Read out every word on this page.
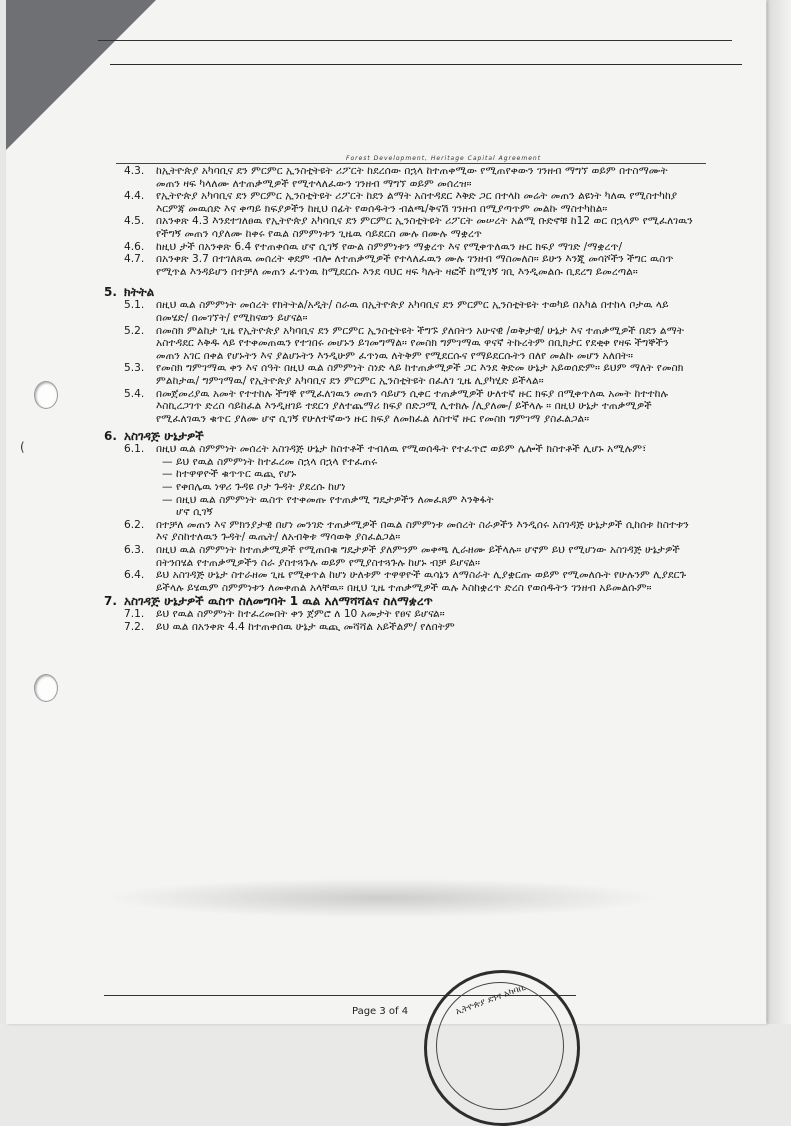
Forest Development, Heritage Capital Agreement
(
4.3. ከኢትዮጵያ አካባቢና ደን ምርምር ኢንስቲትዩት ሪፖርት ከደረሰው በኋላ ከተጠቀሚው የሚጠየቀውን ገንዘብ ማግኘ ወይም በተስማሙት መጠን ዛፍ ካላለሙ ለተጠቃሚዎች የሚተላለፈውን ገንዘብ ማግኘ ወይም መሰረዝ።
4.4. የኢትዮጵያ አካባቢና ደን ምርምር ኢንስቲትዩት ሪፖርት ከደን ልማት አስተዳደር እቅድ ጋር በተላከ መሬት መጠን ልዩነት ካለዉ የሚስተካከያ እርምጃ መዉሰድ እና ቀጣይ ክፍያዎችን ከዚህ በፊት የወሰዱትን ብልጫ/ቅናሽ ገንዘብ በሚያጣጥም መልኩ ማስተካከል።
4.5. በአንቀጽ 4.3 እንደተገለፀዉ የኢትዮጵያ አካባቢና ደን ምርምር ኢንስቲትዩት ሪፖርት መሠረት አልሚ ቡድኖቹ ከ12 ወር በኋላም የሚፈለገዉን የችግኝ መጠን ሳያለሙ ከቀሩ የዉል ስምምነቱን ጊዜዉ ሳይደርስ ሙሉ በሙሉ ማቋረጥ
4.6. ከዚህ ታች በአንቀጽ 6.4 የተጠቀሰዉ ሆኖ ሲገኝ የውል ስምምነቱን ማቋረጥ እና የሚቀጥለዉን ዙር ክፍያ ማገድ /ማቋረጥ/
4.7. በአንቀጽ 3.7 በተገለጸዉ መሰረት ቀደም ብሎ ለተጠቃሚዎች የተላለፈዉን ሙሉ ገንዘብ ማስመለስ። ይሁን እንጂ መሳሾችን ችግር ዉስጥ የሚጥል እንዳይሆን በተቻለ መጠን ፈጥነዉ ከሚደርሱ እንደ ባህር ዛፍ ካሉት ዛፎች ከሚገኝ ገቢ እንዲመልሱ ቢደረግ ይመረጣል።
5. ክትትል
5.1. በዚህ ዉል ስምምነት መሰረት የክትትል/አዲት/ ስራዉ በኢትዮጵያ አካባቢና ደን ምርምር ኢንስቲትዩት ተወካይ በአካል በተከላ ቦታዉ ላይ በመሄድ/ በመገኘት/ የሚከናወን ይሆናል።
5.2. በመስክ ምልከታ ጊዜ የኢትዮጵያ አካባቢና ደን ምርምር ኢንስቲትዩት ችግኙ ያለበትን አሁናዊ /ወቅታዊ/ ሁኔታ እና ተጠቃሚዎች በደን ልማት አስተዳደር እቅዱ ላይ የተቀመጠዉን የተገበሩ መሆኑን ይገመግማል። የመስክ ግምገማዉ ዋናኛ ትኩረትም በቢክታር የደቂቀ የዛፍ ችግኞችን መጠን አገር በቀል የሆኑትን እና ያልሆኑትን እንዲሁም ፈጥነዉ ለትቅም የሚደርሱና የማይደርሱትን በለየ መልኩ መሆን አለበት።
5.3. የመስክ ግምገማዉ ቀን እና ሰዓት በዚህ ዉል ስምምነት ስነድ ላይ ከተጠቃሚዎች ጋር እንደ ቅድመ ሁኔታ አይወሰድም። ይህም ማለት የመስክ ምልከታዉ/ ግምገማዉ/ የኢትዮጵያ አካባቢና ደን ምርምር ኢንስቲትዩት በፈለገ ጊዜ ሊያካሂድ ይችላል።
5.4. በመጀመሪያዉ አመት የተተከሉ ችግኞ የሚፈለገዉን መጠን ሳይሆን ሲቀር ተጠቃሚዎች ሁለተኛ ዙር ክፍያ በሚቀጥለዉ አመት ከተተከሉ እስኪረጋገጥ ድረስ ሳይከፈል እንዲዘገይ ተደርጎ ያለተጨማሪ ክፍያ በድጋሚ ሊተክሉ /ሊያለሙ/ ይችላሉ ። በዚህ ሁኔታ ተጠቃሚዎች የሚፈለገዉን ቁጥር ያለሙ ሆኖ ሲገኝ የሁለተኛውን ዙር ክፍያ ለመክፈል ለስተኛ ዙር የመስክ ግምገማ ያስፈልጋል።
6. አስገዳጅ ሁኔታዎች
6.1. በዚህ ዉል ስምምነት መሰረት አስገዳጅ ሁኔታ ከስተቶች ተብለዉ የሚወሰዱት የተፈጥሮ ወይም ሌሎች ክስተቶች ሊሆኑ አሚሉም፣
— ይህ የዉል ስምምነት ከተፈረመ ስኋላ በኋላ የተፈጠሩ
— ከተዋዋዮች ቁጥጥር ዉጪ የሆኑ
— የቀበሌዉ ነዋሪ ጉዳዩ ቦታ ጉዳት ያደረሱ ከሆነ
— በዚህ ዉል ስምምነት ዉስጥ የተቀመጡ የተጠቃሚ ግዴታዎችን ለመፈጸም እንቅፋት
ሆኖ ሲገኝ
6.2. በተቻለ መጠን እና ምክንያታዊ በሆነ መንገድ ተጠቃሚዎች በዉል ስምምነቱ መሰረት ስራዎችን እንዲሰሩ አስገዳጅ ሁኔታዎች ሲከሰቱ ከስተቱን እና ያስከተለዉን ጉዳት/ ዉጤት/ ለአብቅቱ ማሳወቅ ያስፈልጋል።
6.3. በዚህ ዉል ስምምነት ከተጠቃሚዎች የሚጠበቁ ግዴታዎች ያለምንም መቀጫ ሊራዘሙ ይችላሉ። ሆኖም ይህ የሚሆነው አስገዳጅ ሁኔታዎች በትንበሄል የተጠቃሚዎችን ስራ ያስተጓጉሉ ወይም የሚያስተጓጉሉ ከሆኑ ብቻ ይሆናል።
6.4. ይህ አስገዳጅ ሁኔታ ስተራዘመ ጊዜ የሚቀጥል ከሆነ ሁለቱም ተዋዋዮች ዉሳኔን ለማስራት ሊያቋርጡ ወይም የሚመለሱት የሁሉንም ሊያደርጉ ይችላሉ ይሄዉም ስምምነቱን ለመቀጠል አላቸዉ። በዚህ ጊዜ ተጠቃሚዎች ዉሉ እስከቋረጥ ድረስ የወሰዱትን ገንዘብ አይመልሱም።
7. አስገዳጅ ሁኔታዎች ዉስጥ ስለመግባት 1 ዉል አለማሻሻልና ስለማቋረጥ
7.1. ይህ የዉል ስምምነት ከተፈረመበት ቀን ጀምሮ ለ 10 አመታት የፀና ይሆናል።
7.2. ይህ ዉል በአንቀጽ 4.4 ከተጠቀሰዉ ሁኔታ ዉጪ መሻሻል አይችልም/ የለበትም
Page 3 of 4	ኢትዮጵያ ደንና አካባቢ
